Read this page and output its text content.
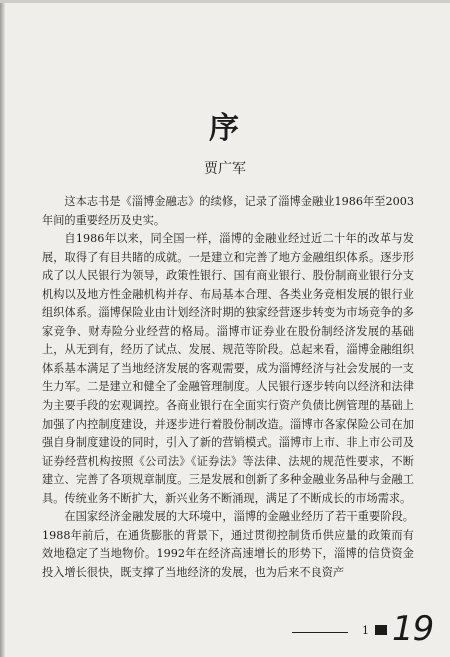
序
贾广军

这本志书是《淄博金融志》的续修，记录了淄博金融业1986年至2003年间的重要经历及史实。

自1986年以来，同全国一样，淄博的金融业经过近二十年的改革与发展，取得了有目共睹的成就。一是建立和完善了地方金融组织体系。逐步形成了以人民银行为领导，政策性银行、国有商业银行、股份制商业银行分支机构以及地方性金融机构并存、布局基本合理、各类业务竞相发展的银行业组织体系。淄博保险业由计划经济时期的独家经营逐步转变为市场竞争的多家竞争、财寿险分业经营的格局。淄博市证券业在股份制经济发展的基础上，从无到有，经历了试点、发展、规范等阶段。总起来看，淄博金融组织体系基本满足了当地经济发展的客观需要，成为淄博经济与社会发展的一支生力军。二是建立和健全了金融管理制度。人民银行逐步转向以经济和法律为主要手段的宏观调控。各商业银行在全面实行资产负债比例管理的基础上加强了内控制度建设，并逐步进行着股份制改造。淄博市各家保险公司在加强自身制度建设的同时，引入了新的营销模式。淄博市上市、非上市公司及证券经营机构按照《公司法》《证券法》等法律、法规的规范性要求，不断建立、完善了各项规章制度。三是发展和创新了多种金融业务品种与金融工具。传统业务不断扩大，新兴业务不断涌现，满足了不断成长的市场需求。

在国家经济金融发展的大环境中，淄博的金融业经历了若干重要阶段。1988年前后，在通货膨胀的背景下，通过贯彻控制货币供应量的政策而有效地稳定了当地物价。1992年在经济高速增长的形势下，淄博的信贷资金投入增长很快，既支撑了当地经济的发展，也为后来不良资产

1 19
